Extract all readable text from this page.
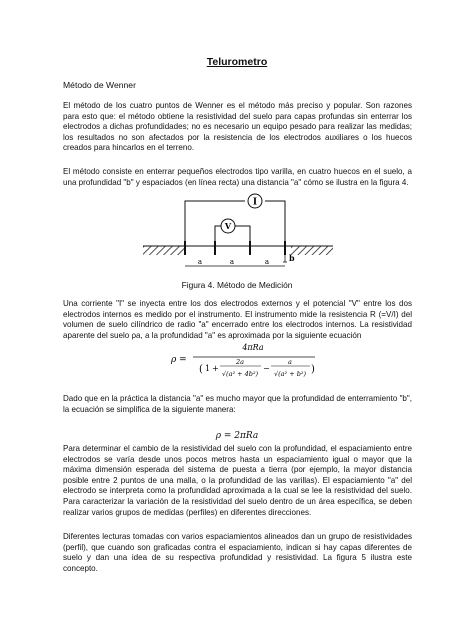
Telurometro
Método de Wenner

El método de los cuatro puntos de Wenner es el método más preciso y popular. Son razones para esto que: el método obtiene la resistividad del suelo para capas profundas sin enterrar los electrodos a dichas profundidades; no es necesario un equipo pesado para realizar las medidas; los resultados no son afectados por la resistencia de los electrodos auxiliares o los huecos creados para hincarlos en el terreno.

El método consiste en enterrar pequeños electrodos tipo varilla, en cuatro huecos en el suelo, a una profundidad "b" y espaciados (en línea recta) una distancia "a" cómo se ilustra en la figura 4.

I
V
a	a	a b
Figura 4. Método de Medición

Una corriente "I" se inyecta entre los dos electrodos externos y el potencial "V" entre los dos electrodos internos es medido por el instrumento. El instrumento mide la resistencia R (=V/I) del volumen de suelo cilíndrico de radio "a" encerrado entre los electrodos internos. La resistividad aparente del suelo ρa, a la profundidad "a" es aproximada por la siguiente ecuación

ρ =
4πRa
( 1 +
2a
√(a² + 4b²)
−
a
√(a² + b²) )

Dado que en la práctica la distancia "a" es mucho mayor que la profundidad de enterramiento "b", la ecuación se simplifica de la siguiente manera:

ρ = 2πRa

Para determinar el cambio de la resistividad del suelo con la profundidad, el espaciamiento entre electrodos se varía desde unos pocos metros hasta un espaciamiento igual o mayor que la máxima dimensión esperada del sistema de puesta a tierra (por ejemplo, la mayor distancia posible entre 2 puntos de una malla, o la profundidad de las varillas). El espaciamiento "a" del electrodo se interpreta como la profundidad aproximada a la cual se lee la resistividad del suelo. Para caracterizar la variación de la resistividad del suelo dentro de un área específica, se deben realizar varios grupos de medidas (perfiles) en diferentes direcciones.

Diferentes lecturas tomadas con varios espaciamientos alineados dan un grupo de resistividades (perfil), que cuando son graficadas contra el espaciamiento, indican si hay capas diferentes de suelo y dan una idea de su respectiva profundidad y resistividad. La figura 5 ilustra este concepto.
